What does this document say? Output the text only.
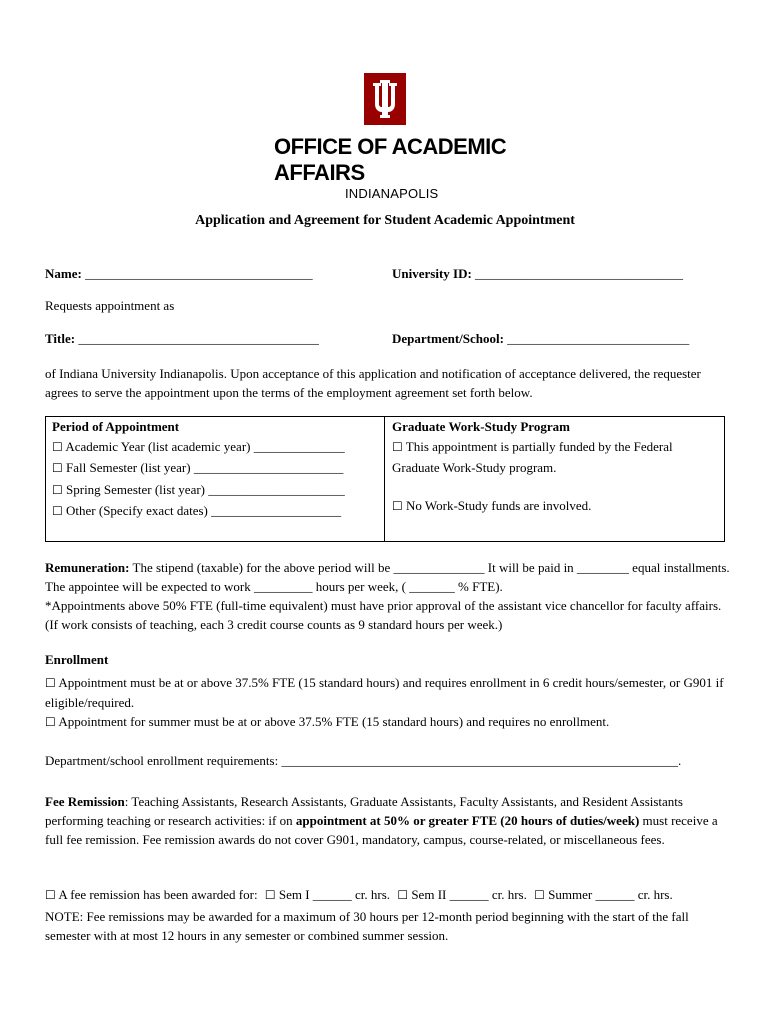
OFFICE OF ACADEMIC
AFFAIRS
INDIANAPOLIS
Application and Agreement for Student Academic Appointment
Name: ___________________________________	University ID: ________________________________
Requests appointment as
Title: _____________________________________	Department/School: ____________________________
of Indiana University Indianapolis. Upon acceptance of this application and notification of acceptance delivered, the requester agrees to serve the appointment upon the terms of the employment agreement set forth below.
Period of Appointment
☐ Academic Year (list academic year) ______________
☐ Fall Semester (list year) _______________________
☐ Spring Semester (list year) _____________________
☐ Other (Specify exact dates) ____________________
Graduate Work-Study Program
☐ This appointment is partially funded by the Federal
Graduate Work-Study program.
☐ No Work-Study funds are involved.
Remuneration: The stipend (taxable) for the above period will be ______________ It will be paid in ________ equal installments. The appointee will be expected to work _________ hours per week, ( _______ % FTE).
*Appointments above 50% FTE (full-time equivalent) must have prior approval of the assistant vice chancellor for faculty affairs. (If work consists of teaching, each 3 credit course counts as 9 standard hours per week.)
Enrollment
☐ Appointment must be at or above 37.5% FTE (15 standard hours) and requires enrollment in 6 credit hours/semester, or G901 if eligible/required.
☐ Appointment for summer must be at or above 37.5% FTE (15 standard hours) and requires no enrollment.
Department/school enrollment requirements: _____________________________________________________________.
Fee Remission: Teaching Assistants, Research Assistants, Graduate Assistants, Faculty Assistants, and Resident Assistants performing teaching or research activities: if on appointment at 50% or greater FTE (20 hours of duties/week) must receive a full fee remission. Fee remission awards do not cover G901, mandatory, campus, course-related, or miscellaneous fees.
☐ A fee remission has been awarded for: ☐ Sem I ______ cr. hrs. ☐ Sem II ______ cr. hrs. ☐ Summer ______ cr. hrs.
NOTE: Fee remissions may be awarded for a maximum of 30 hours per 12-month period beginning with the start of the fall semester with at most 12 hours in any semester or combined summer session.
